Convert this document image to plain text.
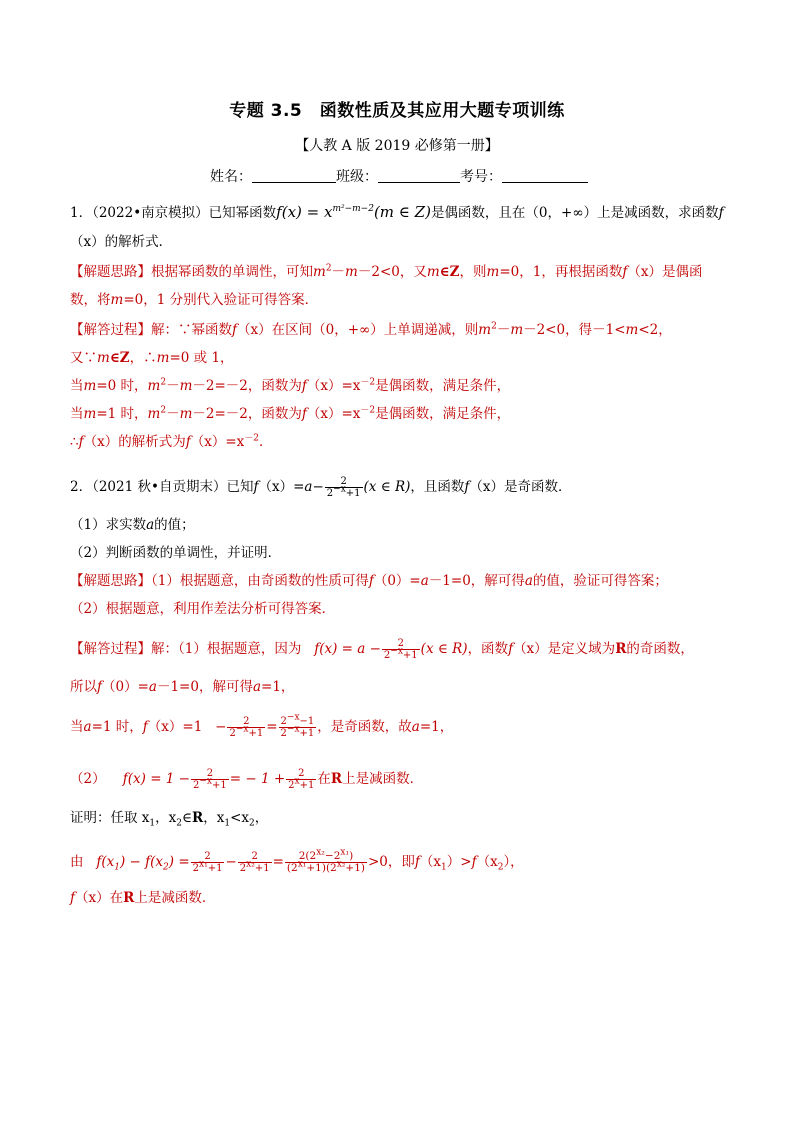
专题 3.5　函数性质及其应用大题专项训练
【人教 A 版 2019 必修第一册】
姓名：	班级：	考号：
1．（2022•南京模拟）已知幂函数$f(x) = x^{m^2-m-2}(m$ ∈ Z)是偶函数，且在（0，+∞）上是减函数，求函数f
（x）的解析式．
【解题思路】根据幂函数的单调性，可知$m^2-m-2<0$，又m∈Z，则m=0，1，再根据函数f（x）是偶函
数，将m=0，1 分别代入验证可得答案．
【解答过程】解：∵幂函数f（x）在区间（0，+∞）上单调递减，则$m^2-m-2<0$，得－1<m<2，
又∵m∈Z，∴m=0 或 1，
当m=0 时，$m^2-m-2=-2$，函数为$f(x)=x^{-2}$是偶函数，满足条件，
当m=1 时，$m^2-m-2=-2$，函数为$f(x)=x^{-2}$是偶函数，满足条件，
∴f（x）的解析式为$f(x)=x^{-2}$．
2．（2021 秋•自贡期末）已知$f(x)=a- \frac{2}{2^{-x}+1} (x$ ∈ R)，且函数f（x）是奇函数．
（1）求实数a的值；
（2）判断函数的单调性，并证明．
【解题思路】（1）根据题意，由奇函数的性质可得f（0）=a－1=0，解可得a的值，验证可得答案；
（2）根据题意，利用作差法分析可得答案．
【解答过程】解：（1）根据题意，因为 $f(x) = a - \frac{2}{2^{-x}+1} (x$ ∈ R)，函数f（x）是定义域为R的奇函数，
所以f（0）=a－1=0，解可得a=1，
当a=1 时，$f(x)=1 - \frac{2}{2^{-x}+1} = \frac{2^{-x}-1}{2^{-x}+1}$ ，是奇函数，故a=1，
（2） $f(x) = 1 - \frac{2}{2^{-x}+1}$ = − $1 + \frac{2}{2^x+1}$ 在R上是减函数．
证明：任取 $x_1$，$x_2\in R$，$x_1<x_2$，
由 $f(x_1) - f(x_2) = \frac{2}{2^{x_1}+1} - \frac{2}{2^{x_2}+1} = \frac{2(2^{x_2}-2^{x_1})}{(2^{x_1}+1)(2^{x_2}+1)} >0$，即$f(x_1)>f(x_2)$，
f（x）在R上是减函数．
